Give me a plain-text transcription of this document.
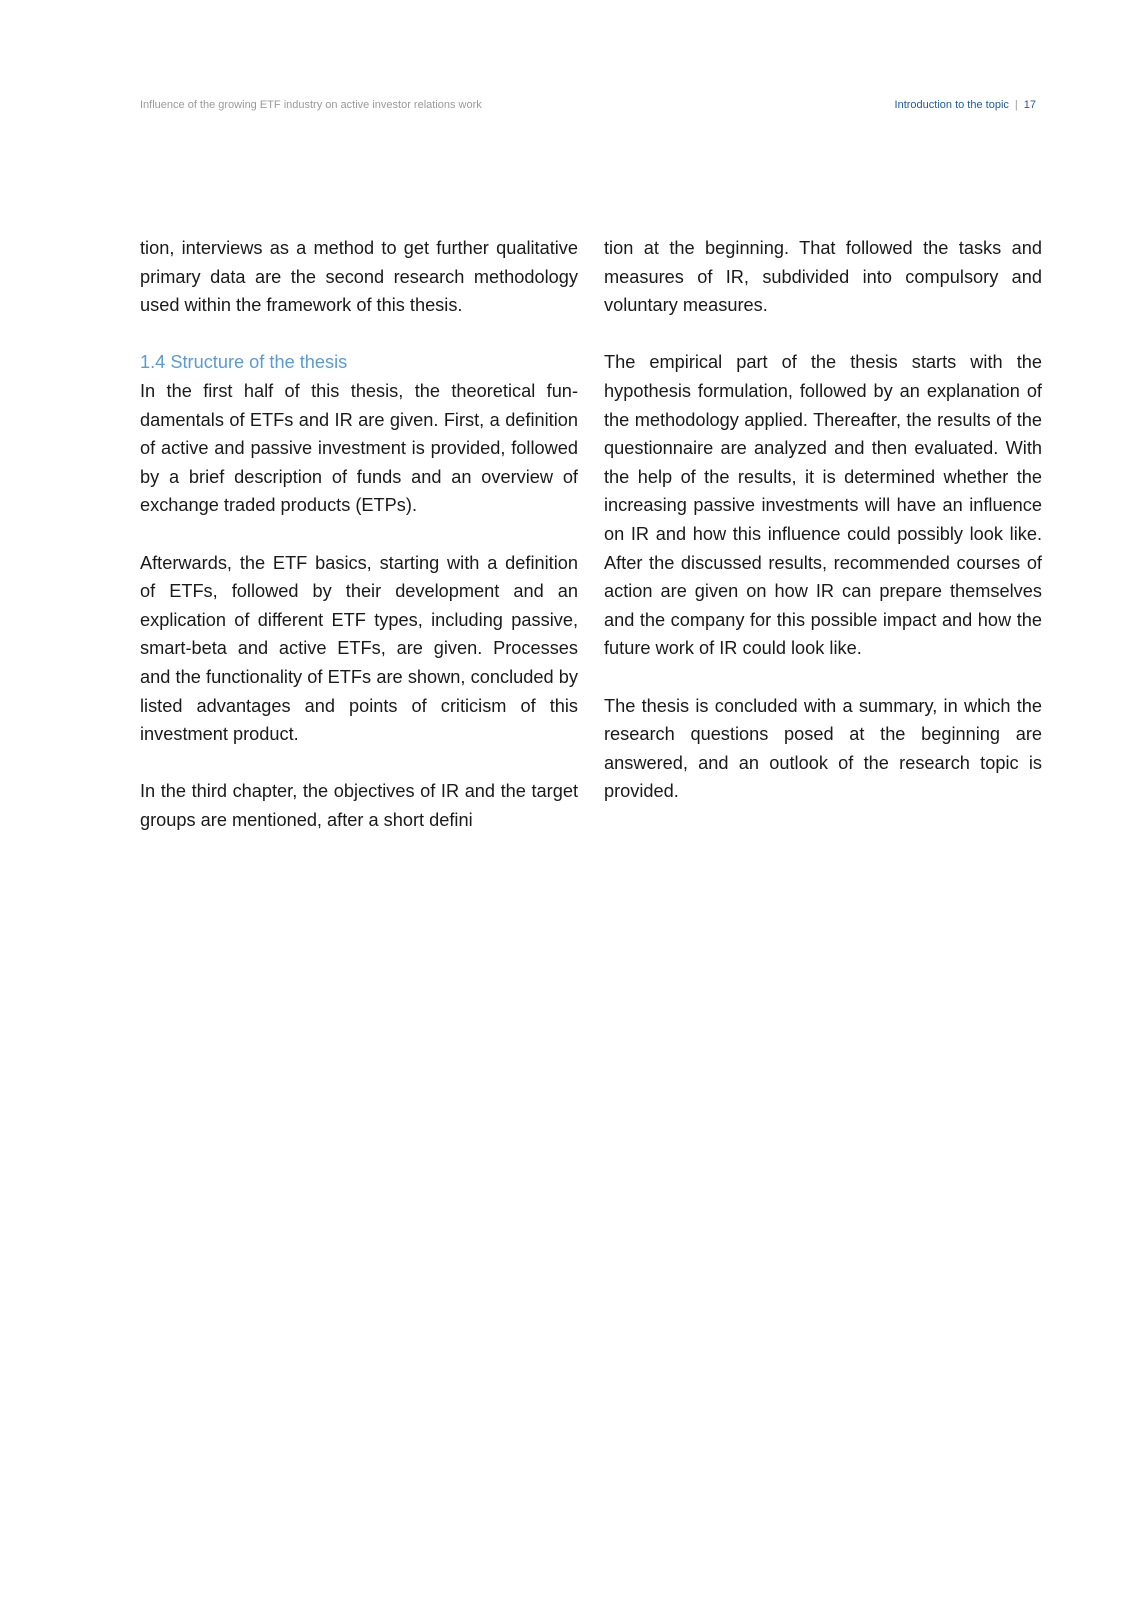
Influence of the growing ETF industry on active investor relations work	Introduction to the topic | 17

tion, interviews as a method to get further qualitative primary data are the second research methodology used within the framework of this thesis.

1.4 Structure of the thesis

In the first half of this thesis, the theoretical fundamentals of ETFs and IR are given. First, a definition of active and passive investment is provided, followed by a brief description of funds and an overview of exchange traded products (ETPs).

Afterwards, the ETF basics, starting with a definition of ETFs, followed by their development and an explication of different ETF types, including passive, smart-beta and active ETFs, are given. Processes and the functionality of ETFs are shown, concluded by listed advantages and points of criticism of this investment product.

In the third chapter, the objectives of IR and the target groups are mentioned, after a short defini

tion at the beginning. That followed the tasks and measures of IR, subdivided into compulsory and voluntary measures.

The empirical part of the thesis starts with the hypothesis formulation, followed by an explanation of the methodology applied. Thereafter, the results of the questionnaire are analyzed and then evaluated. With the help of the results, it is determined whether the increasing passive investments will have an influence on IR and how this influence could possibly look like. After the discussed results, recommended courses of action are given on how IR can prepare themselves and the company for this possible impact and how the future work of IR could look like.

The thesis is concluded with a summary, in which the research questions posed at the beginning are answered, and an outlook of the research topic is provided.
